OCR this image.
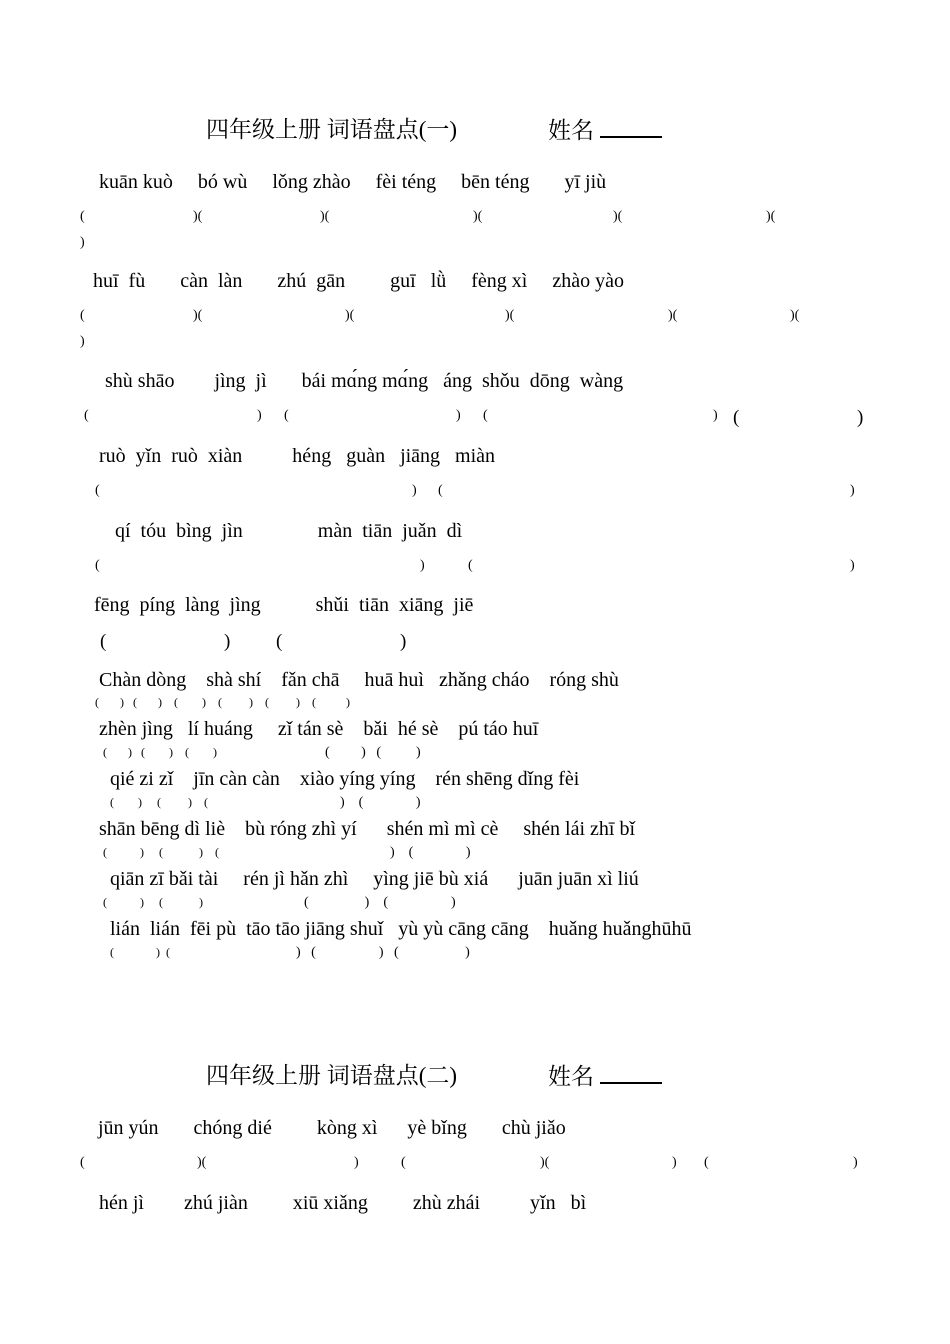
四年级上册 词语盘点(一)	姓名
kuān kuò     bó wù     lǒng zhào     fèi téng     bēn téng       yī jiù
(	)(	)(	)(	)(	)(
)
huī  fù       càn  làn       zhú  gān         guī   lǜ     fèng xì     zhào yào
(	)(	)(	)(	)(	)(
)
shù shāo        jìng  jì       bái mɑ́ng mɑ́ng   áng  shǒu  dōng  wàng
(	) (	) (	) (	)
ruò  yǐn  ruò  xiàn          héng   guàn   jiāng   miàn
(	) (	)
qí  tóu  bìng  jìn               màn  tiān  juǎn  dì
(	)	(	)
fēng  píng  làng  jìng           shǔi  tiān  xiāng  jiē
(	) (	)
Chàn dòng    shà shí    fǎn chā     huā huì   zhǎng cháo    róng shù
(       )   (       )    (        )    (         )    (         )    (          )
zhèn jìng   lí huáng     zǐ tán sè    bǎi  hé sè    pú táo huī
(       )   (        )    (        )	(         )   (          )
qié zi zǐ    jīn càn càn    xiào yíng yíng    rén shēng dǐng fèi
(        )     (         )    (	)    (               )
shān bēng dì liè    bù róng zhì yí      shén mì mì cè     shén lái zhī bǐ
(           )     (            )    (	)    (               )
qiān zī bǎi tài     rén jì hǎn zhì     yìng jiē bù xiá      juān juān xì liú
(           )     (            )	(                )    (                  )
lián  lián  fēi pù  tāo tāo jiāng shuǐ   yù yù cāng cāng    huǎng huǎnghūhū
(              )  (	)   (                  )   (                   )
四年级上册 词语盘点(二)	姓名
jūn yún       chóng dié         kòng xì      yè bǐng       chù jiǎo
(	)(	)	(	)(	) (	)
hén jì        zhú jiàn         xiū xiǎng         zhù zhái          yǐn   bì
